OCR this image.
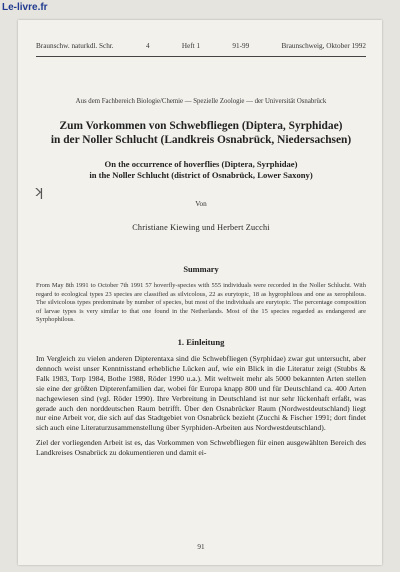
Braunschw. naturkdl. Schr.	4	Heft 1	91-99	Braunschweig, Oktober 1992
Aus dem Fachbereich Biologie/Chemie — Spezielle Zoologie — der Universität Osnabrück
Zum Vorkommen von Schwebfliegen (Diptera, Syrphidae)
in der Noller Schlucht (Landkreis Osnabrück, Niedersachsen)
On the occurrence of hoverflies (Diptera, Syrphidae)
in the Noller Schlucht (district of Osnabrück, Lower Saxony)
ʞ
Von
Christiane Kiewing und Herbert Zucchi
Summary
From May 8th 1991 to October 7th 1991 57 hoverfly-species with 555 individuals were recorded in the Noller Schlucht. With regard to ecological types 23 species are classified as silvicolous, 22 as eurytopic, 18 as hygrophilous and one as xerophilous. The silvicolous types predominate by number of species, but most of the individuals are eurytopic. The percentage composition of larvae types is very similar to that one found in the Netherlands. Most of the 15 species regarded as endangered are Syrphophilous.
1. Einleitung

Im Vergleich zu vielen anderen Dipterentaxa sind die Schwebfliegen (Syrphidae) zwar gut untersucht, aber dennoch weist unser Kenntnisstand erhebliche Lücken auf, wie ein Blick in die Literatur zeigt (Stubbs & Falk 1983, Torp 1984, Bothe 1988, Röder 1990 u.a.). Mit weltweit mehr als 5000 bekannten Arten stellen sie eine der größten Dipterenfamilien dar, wobei für Europa knapp 800 und für Deutschland ca. 400 Arten nachgewiesen sind (vgl. Röder 1990). Ihre Verbreitung in Deutschland ist nur sehr lückenhaft erfaßt, was gerade auch den norddeutschen Raum betrifft. Über den Osnabrücker Raum (Nordwestdeutschland) liegt nur eine Arbeit vor, die sich auf das Stadtgebiet von Osnabrück bezieht (Zucchi & Fischer 1991; dort findet sich auch eine Literaturzusammenstellung über Syrphiden-Arbeiten aus Nordwestdeutschland).

Ziel der vorliegenden Arbeit ist es, das Vorkommen von Schwebfliegen für einen ausgewählten Bereich des Landkreises Osnabrück zu dokumentieren und damit ei-

91
Le-livre.fr
